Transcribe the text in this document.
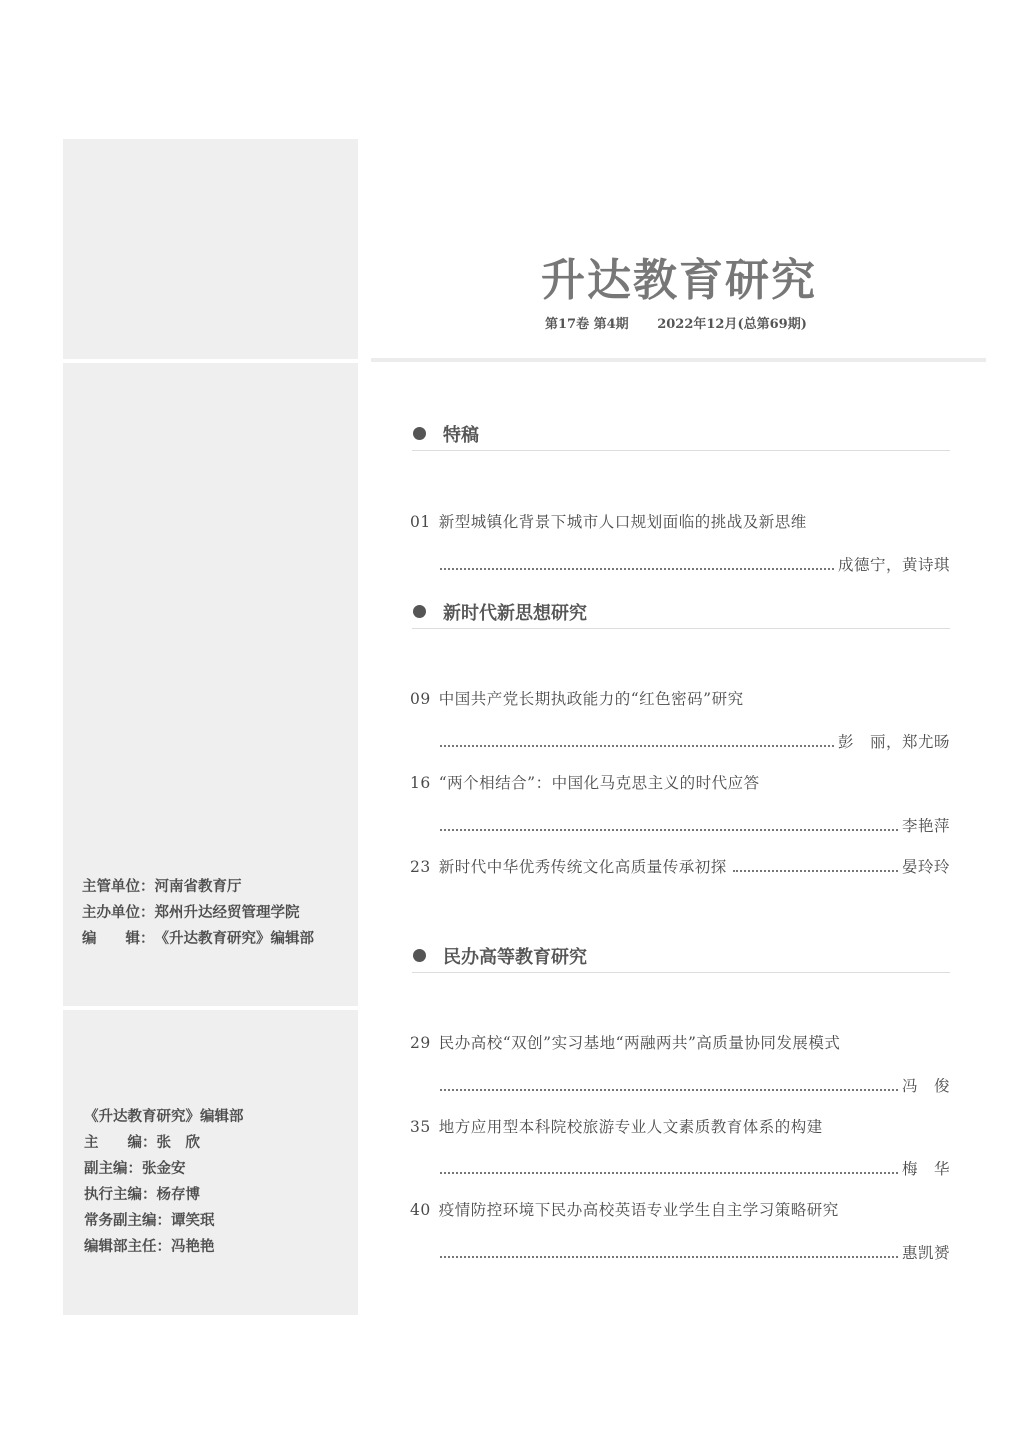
主管单位： 河南省教育厅
主办单位： 郑州升达经贸管理学院
编　　辑： 《升达教育研究》编辑部
《升达教育研究》编辑部
主　　编： 张　欣
副主编： 张金安
执行主编： 杨存博
常务副主编： 谭笑珉
编辑部主任： 冯艳艳
升达教育研究
第17卷 第4期 2022年12月(总第69期)
特稿
01 新型城镇化背景下城市人口规划面临的挑战及新思维
成德宁，黄诗琪
新时代新思想研究
09 中国共产党长期执政能力的“红色密码”研究
彭　丽，郑尤旸
16 “两个相结合”：中国化马克思主义的时代应答
李艳萍
23 新时代中华优秀传统文化高质量传承初探	晏玲玲
民办高等教育研究
29 民办高校“双创”实习基地“两融两共”高质量协同发展模式
冯　俊
35 地方应用型本科院校旅游专业人文素质教育体系的构建
梅　华
40 疫情防控环境下民办高校英语专业学生自主学习策略研究
惠凯赟
